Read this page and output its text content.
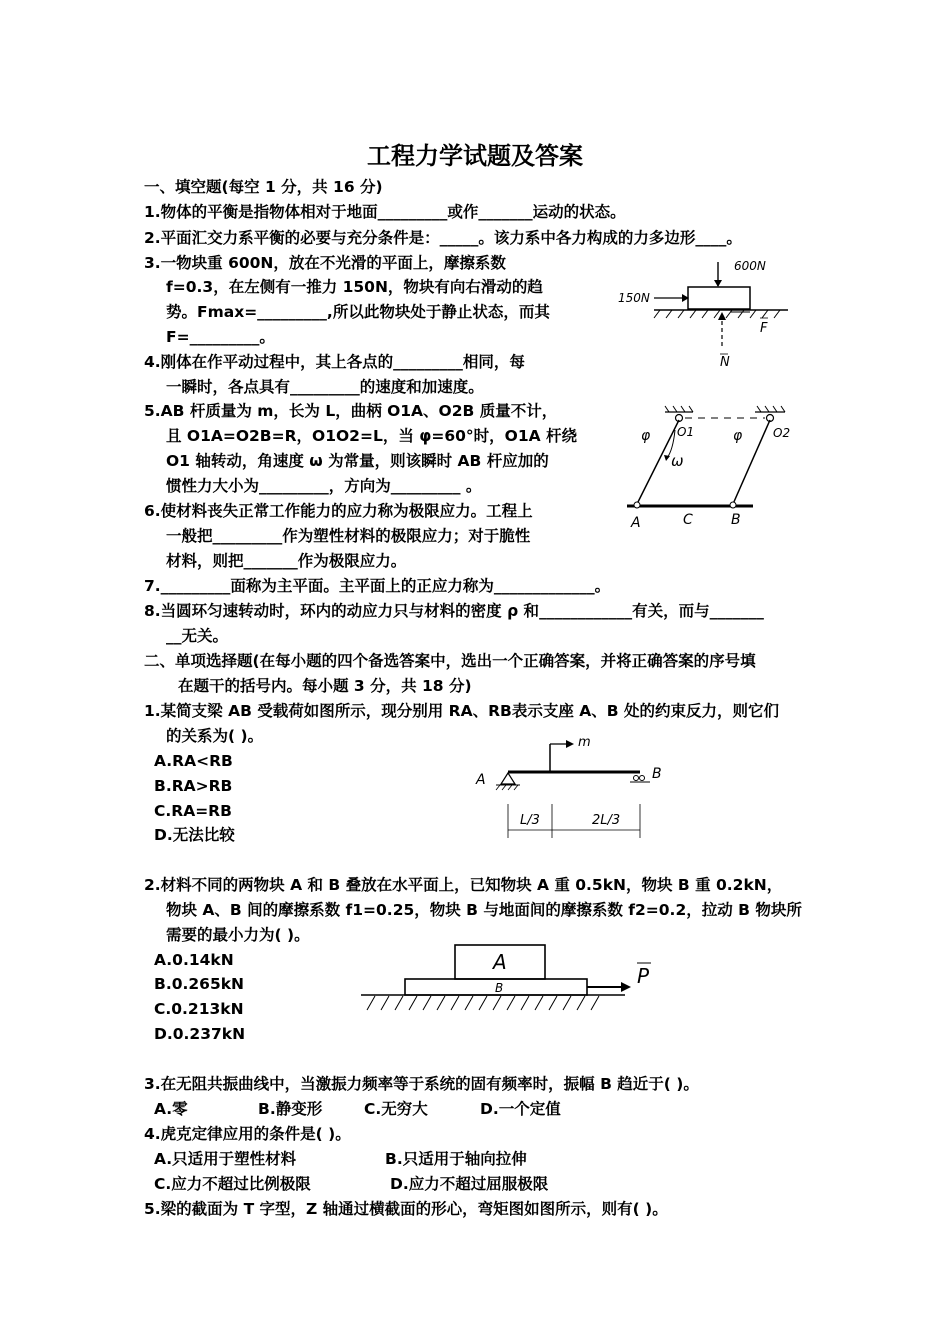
工程力学试题及答案
一、填空题(每空 1 分，共 16 分)
1.物体的平衡是指物体相对于地面_________或作_______运动的状态。
2.平面汇交力系平衡的必要与充分条件是：_____。该力系中各力构成的力多边形____。
3.一物块重 600N，放在不光滑的平面上，摩擦系数
f=0.3，在左侧有一推力 150N，物块有向右滑动的趋
势。Fmax=_________,所以此物块处于静止状态，而其
F=_________。
4.刚体在作平动过程中，其上各点的_________相同，每
一瞬时，各点具有_________的速度和加速度。
5.AB 杆质量为 m，长为 L，曲柄 O1A、O2B 质量不计，
且 O1A=O2B=R，O1O2=L，当 φ=60°时，O1A 杆绕
O1 轴转动，角速度 ω 为常量，则该瞬时 AB 杆应加的
惯性力大小为_________，方向为_________ 。
6.使材料丧失正常工作能力的应力称为极限应力。工程上
一般把_________作为塑性材料的极限应力；对于脆性
材料，则把_______作为极限应力。
7._________面称为主平面。主平面上的正应力称为_____________。
8.当圆环匀速转动时，环内的动应力只与材料的密度 ρ 和____________有关，而与_______
__无关。
二、单项选择题(在每小题的四个备选答案中，选出一个正确答案，并将正确答案的序号填
在题干的括号内。每小题 3 分，共 18 分)
1.某简支梁 AB 受载荷如图所示，现分别用 RA、RB表示支座 A、B 处的约束反力，则它们
的关系为( )。
A.RA<RB
B.RA>RB
C.RA=RB
D.无法比较
2.材料不同的两物块 A 和 B 叠放在水平面上，已知物块 A 重 0.5kN，物块 B 重 0.2kN，
物块 A、B 间的摩擦系数 f1=0.25，物块 B 与地面间的摩擦系数 f2=0.2，拉动 B 物块所
需要的最小力为( )。
A.0.14kN
B.0.265kN
C.0.213kN
D.0.237kN
3.在无阻共振曲线中，当激振力频率等于系统的固有频率时，振幅 B 趋近于( )。
A.零	B.静变形	C.无穷大	D.一个定值
4.虎克定律应用的条件是( )。
A.只适用于塑性材料	B.只适用于轴向拉伸
C.应力不超过比例极限	D.应力不超过屈服极限
5.梁的截面为 T 字型，Z 轴通过横截面的形心，弯矩图如图所示，则有( )。
600N
150N
F
N
φ	φ
O1	O2
ω
A	C	B
m
A	B
L/3	2L/3
A
B	P
